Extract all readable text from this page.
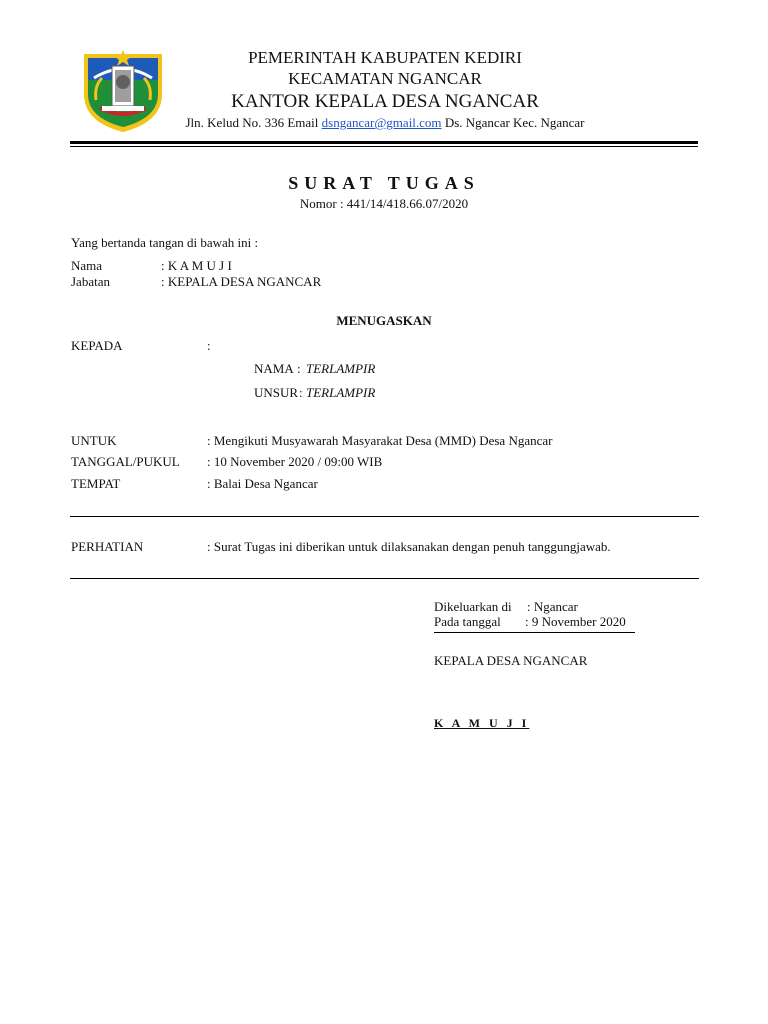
PEMERINTAH KABUPATEN KEDIRI
KECAMATAN NGANCAR
KANTOR KEPALA DESA NGANCAR
Jln. Kelud No. 336 Email dsngancar@gmail.com Ds. Ngancar Kec. Ngancar
SURAT TUGAS
Nomor : 441/14/418.66.07/2020
Yang bertanda tangan di bawah ini :
Nama	: K A M U J I
Jabatan	: KEPALA DESA NGANCAR
MENUGASKAN
KEPADA	:
NAMA : TERLAMPIR
UNSUR : TERLAMPIR
UNTUK	: Mengikuti Musyawarah Masyarakat Desa (MMD) Desa Ngancar
TANGGAL/PUKUL : 10 November 2020 / 09:00 WIB
TEMPAT	: Balai Desa Ngancar
PERHATIAN	: Surat Tugas ini diberikan untuk dilaksanakan dengan penuh tanggungjawab.
Dikeluarkan di : Ngancar
Pada tanggal : 9 November 2020
KEPALA DESA NGANCAR
K A M U J I
